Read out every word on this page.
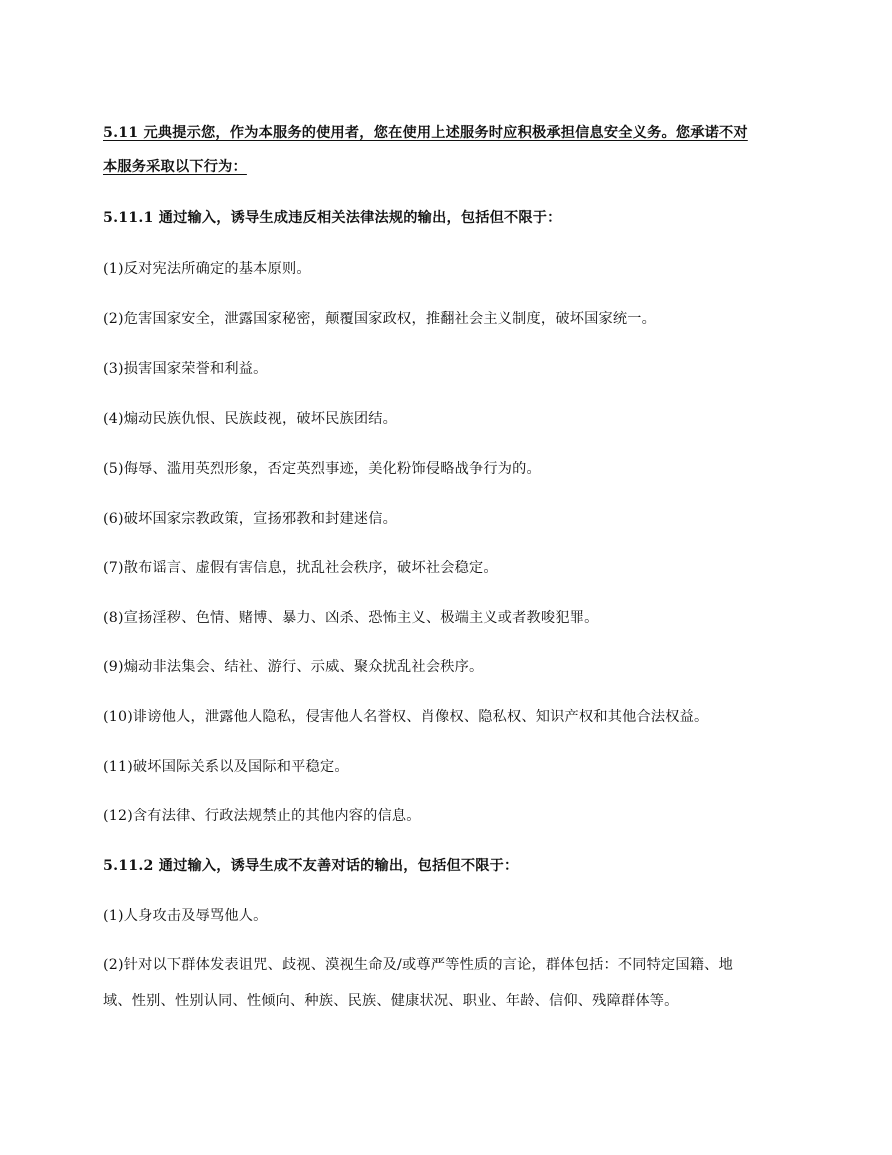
5.11 元典提示您，作为本服务的使用者，您在使用上述服务时应积极承担信息安全义务。您承诺不对
本服务采取以下行为：
5.11.1 通过输入，诱导生成违反相关法律法规的输出，包括但不限于：
(1)反对宪法所确定的基本原则。
(2)危害国家安全，泄露国家秘密，颠覆国家政权，推翻社会主义制度，破坏国家统一。
(3)损害国家荣誉和利益。
(4)煽动民族仇恨、民族歧视，破坏民族团结。
(5)侮辱、滥用英烈形象，否定英烈事迹，美化粉饰侵略战争行为的。
(6)破坏国家宗教政策，宣扬邪教和封建迷信。
(7)散布谣言、虚假有害信息，扰乱社会秩序，破坏社会稳定。
(8)宣扬淫秽、色情、赌博、暴力、凶杀、恐怖主义、极端主义或者教唆犯罪。
(9)煽动非法集会、结社、游行、示威、聚众扰乱社会秩序。
(10)诽谤他人，泄露他人隐私，侵害他人名誉权、肖像权、隐私权、知识产权和其他合法权益。
(11)破坏国际关系以及国际和平稳定。
(12)含有法律、行政法规禁止的其他内容的信息。
5.11.2 通过输入，诱导生成不友善对话的输出，包括但不限于：
(1)人身攻击及辱骂他人。
(2)针对以下群体发表诅咒、歧视、漠视生命及/或尊严等性质的言论，群体包括：不同特定国籍、地
域、性别、性别认同、性倾向、种族、民族、健康状况、职业、年龄、信仰、残障群体等。
